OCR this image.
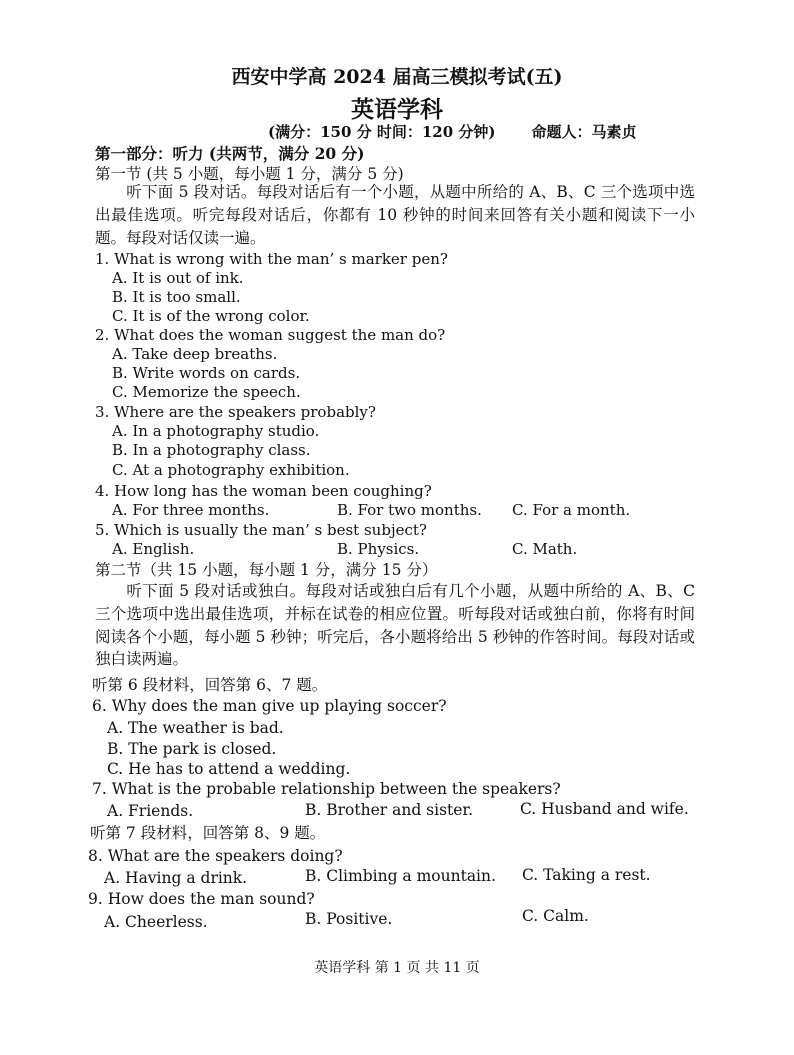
西安中学高 2024 届高三模拟考试(五)
英语学科
(满分：150 分 时间：120 分钟) 命题人：马素贞
第一部分：听力 (共两节，满分 20 分)
第一节 (共 5 小题，每小题 1 分，满分 5 分)
听下面 5 段对话。每段对话后有一个小题，从题中所给的 A、B、C 三个选项中选出最佳选项。听完每段对话后，你都有 10 秒钟的时间来回答有关小题和阅读下一小题。每段对话仅读一遍。
1. What is wrong with the man’ s marker pen?
A. It is out of ink.
B. It is too small.
C. It is of the wrong color.
2. What does the woman suggest the man do?
A. Take deep breaths.
B. Write words on cards.
C. Memorize the speech.
3. Where are the speakers probably?
A. In a photography studio.
B. In a photography class.
C. At a photography exhibition.
4. How long has the woman been coughing?
A. For three months.	B. For two months. C. For a month.
5. Which is usually the man’ s best subject?
A. English.	B. Physics.	C. Math.
第二节（共 15 小题，每小题 1 分，满分 15 分）
听下面 5 段对话或独白。每段对话或独白后有几个小题，从题中所给的 A、B、C 三个选项中选出最佳选项，并标在试卷的相应位置。听每段对话或独白前，你将有时间阅读各个小题，每小题 5 秒钟；听完后，各小题将给出 5 秒钟的作答时间。每段对话或独白读两遍。
听第 6 段材料，回答第 6、7 题。
6. Why does the man give up playing soccer?
A. The weather is bad.
B. The park is closed.
C. He has to attend a wedding.
7. What is the probable relationship between the speakers?
A. Friends.	B. Brother and sister.	C. Husband and wife.
听第 7 段材料，回答第 8、9 题。
8. What are the speakers doing?
A. Having a drink.	B. Climbing a mountain. C. Taking a rest.
9. How does the man sound?
A. Cheerless.	B. Positive.	C. Calm.
英语学科 第 1 页 共 11 页
